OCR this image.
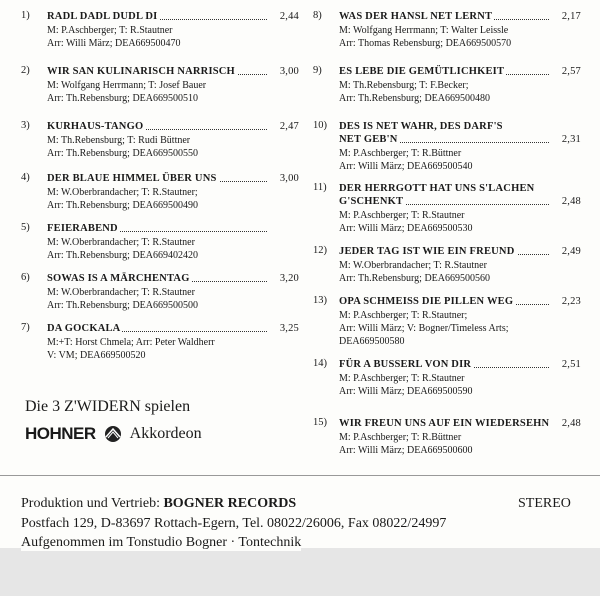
1)	RADL DADL DUDL DI	2,44
M: P.Aschberger; T: R.Stautner
Arr: Willi März; DEA669500470
2)	WIR SAN KULINARISCH NARRISCH	3,00
M: Wolfgang Herrmann; T: Josef Bauer
Arr: Th.Rebensburg; DEA669500510
3)	KURHAUS-TANGO	2,47
M: Th.Rebensburg; T: Rudi Büttner
Arr: Th.Rebensburg; DEA669500550
4)	DER BLAUE HIMMEL ÜBER UNS	3,00
M: W.Oberbrandacher; T: R.Stautner;
Arr: Th.Rebensburg; DEA669500490
5)	FEIERABEND
M: W.Oberbrandacher; T: R.Stautner
Arr: Th.Rebensburg; DEA669402420
6)	SOWAS IS A MÄRCHENTAG	3,20
M: W.Oberbrandacher; T: R.Stautner
Arr: Th.Rebensburg; DEA669500500
7)	DA GOCKALA	3,25
M:+T: Horst Chmela; Arr: Peter Waldherr
V: VM; DEA669500520
8)	WAS DER HANSL NET LERNT	2,17
M: Wolfgang Herrmann; T: Walter Leissle
Arr: Thomas Rebensburg; DEA669500570
9)	ES LEBE DIE GEMÜTLICHKEIT	2,57
M: Th.Rebensburg; T: F.Becker;
Arr: Th.Rebensburg; DEA669500480
10)	DES IS NET WAHR, DES DARF'S
NET GEB'N	2,31
M: P.Aschberger; T: R.Büttner
Arr: Willi März; DEA669500540
11)	DER HERRGOTT HAT UNS S'LACHEN
G'SCHENKT	2,48
M: P.Aschberger; T: R.Stautner
Arr: Willi März; DEA669500530
12)	JEDER TAG IST WIE EIN FREUND	2,49
M: W.Oberbrandacher; T: R.Stautner
Arr: Th.Rebensburg; DEA669500560
13)	OPA SCHMEISS DIE PILLEN WEG	2,23
M: P.Aschberger; T: R.Stautner;
Arr: Willi März; V: Bogner/Timeless Arts;
DEA669500580
14)	FÜR A BUSSERL VON DIR	2,51
M: P.Aschberger; T: R.Stautner
Arr: Willi März; DEA669500590
15)	WIR FREUN UNS AUF EIN WIEDERSEHN 2,48
M: P.Aschberger; T: R.Büttner
Arr: Willi März; DEA669500600
Die 3 Z'WIDERN spielen
HOHNER Akkordeon
Produktion und Vertrieb: BOGNER RECORDS	STEREO
Postfach 129, D-83697 Rottach-Egern, Tel. 08022/26006, Fax 08022/24997
Aufgenommen im Tonstudio Bogner · Tontechnik
